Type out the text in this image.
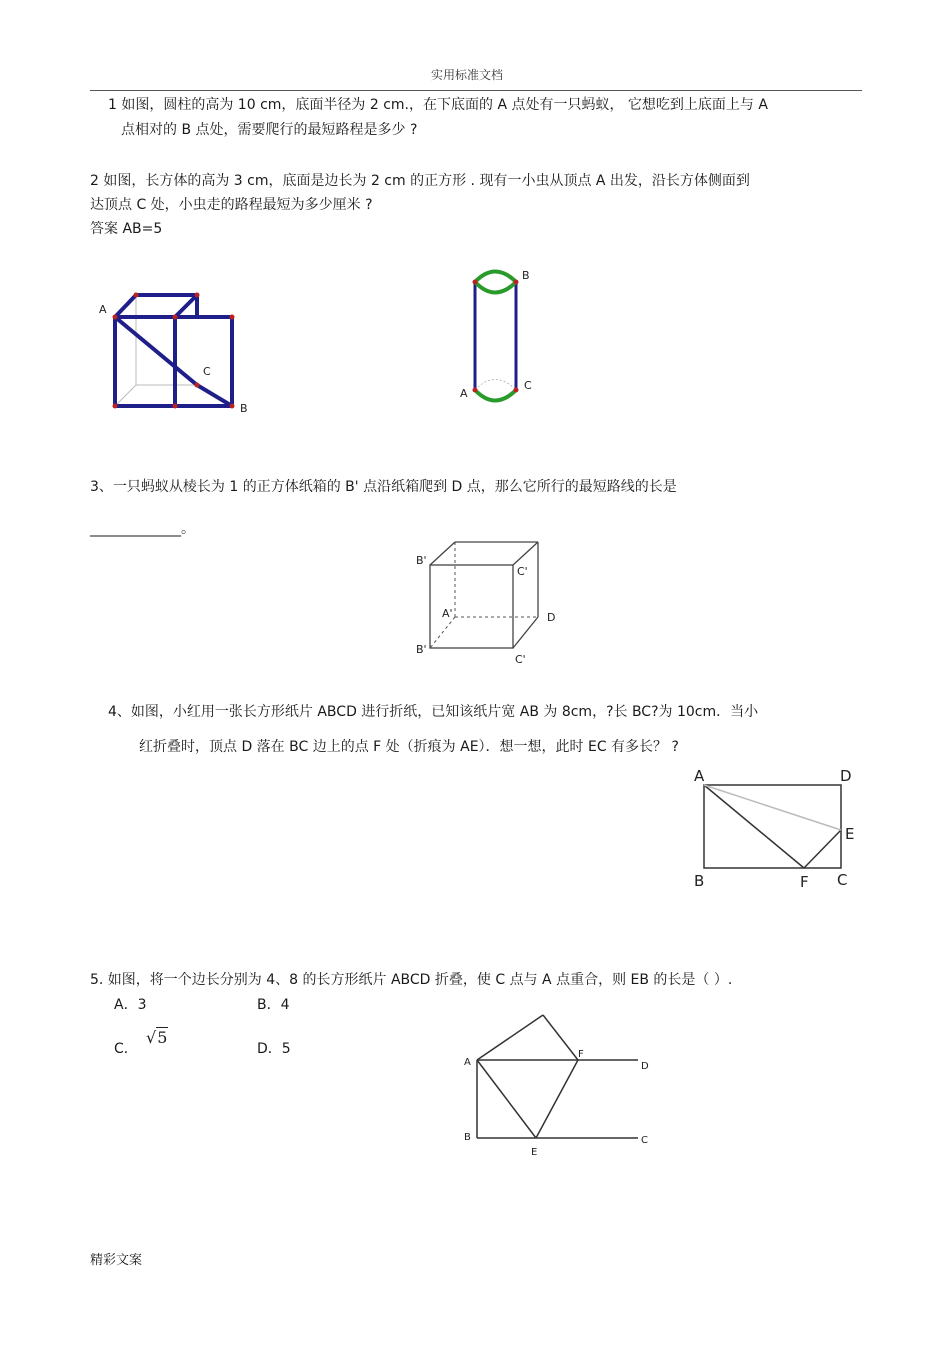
实用标准文档
1 如图，圆柱的高为 10 cm，底面半径为 2 cm.，在下底面的 A 点处有一只蚂蚁， 它想吃到上底面上与 A
点相对的 B 点处，需要爬行的最短路程是多少 ?
2 如图，长方体的高为 3 cm，底面是边长为 2 cm 的正方形 . 现有一小虫从顶点 A 出发，沿长方体侧面到
达顶点 C 处，小虫走的路程最短为多少厘米 ?
答案 AB=5
A
C
B
B
C
A
3、一只蚂蚁从棱长为 1 的正方体纸箱的 B' 点沿纸箱爬到 D 点，那么它所行的最短路线的长是
_____________。
B'
C'
A'	D
B'
C'
4、如图，小红用一张长方形纸片 ABCD 进行折纸，已知该纸片宽 AB 为 8cm，?长 BC?为 10cm．当小
红折叠时，顶点 D 落在 BC 边上的点 F 处（折痕为 AE）．想一想，此时 EC 有多长？ ?
A	D
E
B	F C
5. 如图，将一个边长分别为 4、8 的长方形纸片 ABCD 折叠，使 C 点与 A 点重合，则 EB 的长是（ ）.
A．3	B．4
C．
√5
D．5
A
F
D
B
E
C
精彩文案
